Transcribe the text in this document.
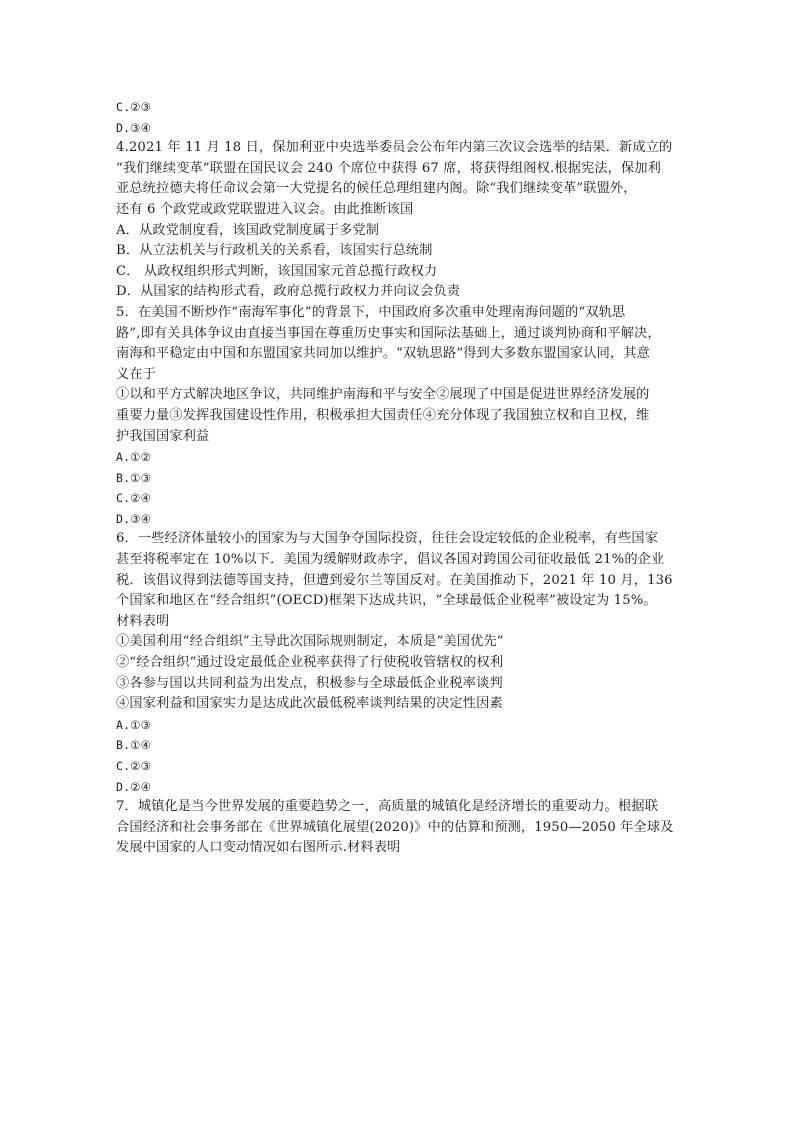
C.②③
D.③④
4.2021 年 11 月 18 日，保加利亚中央选举委员会公布年内第三次议会选举的结果．新成立的
“我们继续变革”联盟在国民议会 240 个席位中获得 67 席，将获得组阁权.根据宪法，保加利
亚总统拉德夫将任命议会第一大党提名的候任总理组建内阁。除“我们继续变革”联盟外，
还有 6 个政党或政党联盟进入议会。由此推断该国
A．从政党制度看，该国政党制度属于多党制
B．从立法机关与行政机关的关系看，该国实行总统制
C． 从政权组织形式判断，该国国家元首总揽行政权力
D．从国家的结构形式看，政府总揽行政权力并向议会负责
5．在美国不断炒作“南海军事化”的背景下，中国政府多次重申处理南海问题的“双轨思
路”,即有关具体争议由直接当事国在尊重历史事实和国际法基础上，通过谈判协商和平解决，
南海和平稳定由中国和东盟国家共同加以维护。“双轨思路”得到大多数东盟国家认同，其意
义在于
①以和平方式解决地区争议，共同维护南海和平与安全②展现了中国是促进世界经济发展的
重要力量③发挥我国建设性作用，积极承担大国责任④充分体现了我国独立权和自卫权，维
护我国国家利益
A.①②
B.①③
C.②④
D.③④
6．一些经济体量较小的国家为与大国争夺国际投资，往往会设定较低的企业税率，有些国家
甚至将税率定在 10%以下．美国为缓解财政赤字，倡议各国对跨国公司征收最低 21%的企业
税．该倡议得到法德等国支持，但遭到爱尔兰等国反对。在美国推动下，2021 年 10 月，136
个国家和地区在“经合组织”(OECD)框架下达成共识，“全球最低企业税率”被设定为 15%。
材料表明
①美国利用“经合组织”主导此次国际规则制定，本质是“美国优先”
②“经合组织”通过设定最低企业税率获得了行使税收管辖权的权利
③各参与国以共同利益为出发点，积极参与全球最低企业税率谈判
④国家利益和国家实力是达成此次最低税率谈判结果的决定性因素
A.①③
B.①④
C.②③
D.②④
7．城镇化是当今世界发展的重要趋势之一，高质量的城镇化是经济增长的重要动力。根据联
合国经济和社会事务部在《世界城镇化展望(2020)》中的估算和预测，1950—2050 年全球及
发展中国家的人口变动情况如右图所示.材料表明
